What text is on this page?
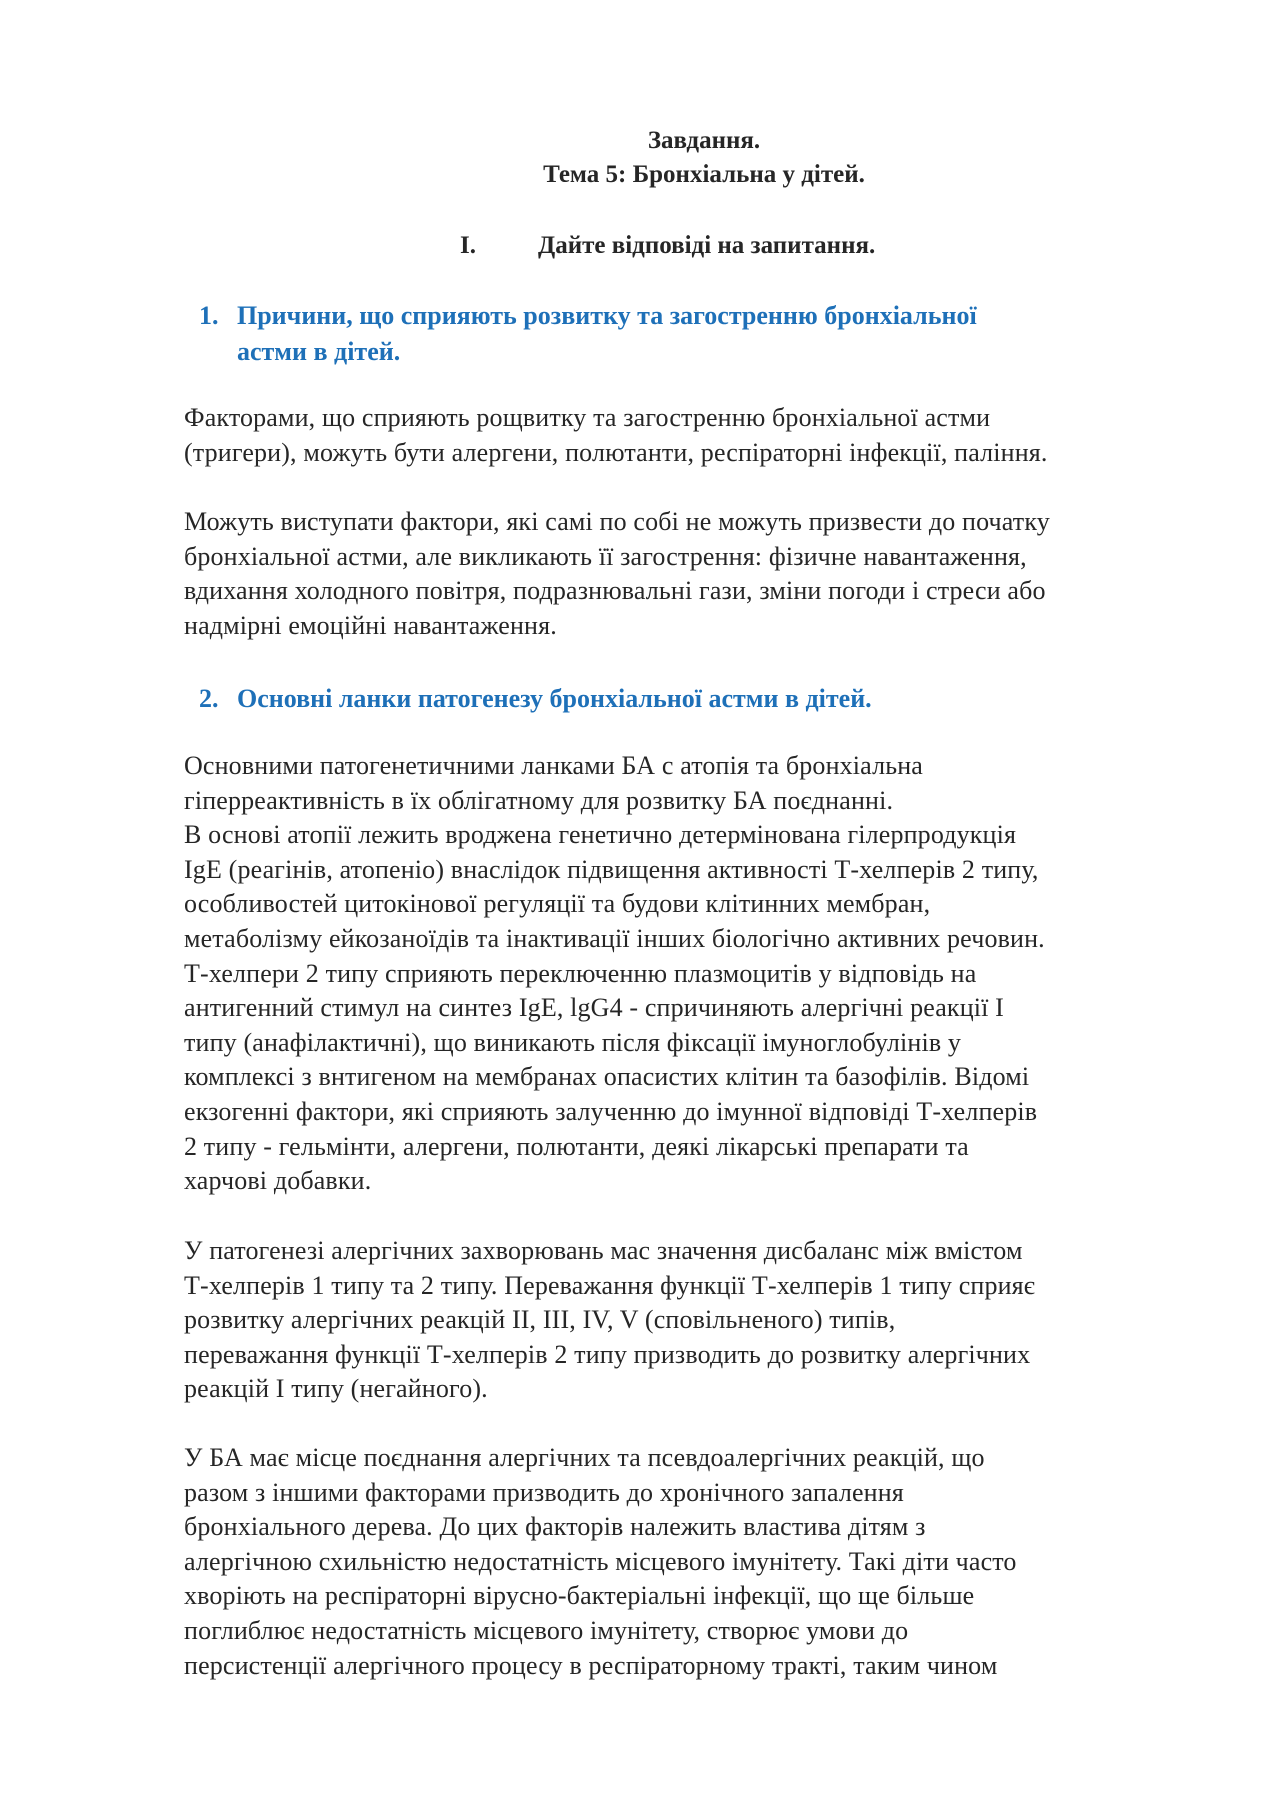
Завдання.
Тема 5: Бронхіальна у дітей.
I. Дайте відповіді на запитання.
1. Причини, що сприяють розвитку та загостренню бронхіальної
астми в дітей.
Факторами, що сприяють рощвитку та загостренню бронхіальної астми
(тригери), можуть бути алергени, полютанти, респіраторні інфекції, паління.
Можуть виступати фактори, які самі по собі не можуть призвести до початку
бронхіальної астми, але викликають її загострення: фізичне навантаження,
вдихання холодного повітря, подразнювальні гази, зміни погоди і стреси або
надмірні емоційні навантаження.
2. Основні ланки патогенезу бронхіальної астми в дітей.
Основними патогенетичними ланками БА с атопія та бронхіальна
гіперреактивність в їх облігатному для розвитку БА поєднанні.
В основі атопії лежить вроджена генетично детермінована гілерпродукція
IgE (реагінів, атопеніо) внаслідок підвищення активності Т-хелперів 2 типу,
особливостей цитокінової регуляції та будови клітинних мембран,
метаболізму ейкозаноїдів та інактивації інших біологічно активних речовин.
Т-хелпери 2 типу сприяють переключенню плазмоцитів у відповідь на
антигенний стимул на синтез IgE, lgG4 - спричиняють алергічні реакції I
типу (анафілактичні), що виникають після фіксації імуноглобулінів у
комплексі з внтигеном на мембранах опасистих клітин та базофілів. Відомі
екзогенні фактори, які сприяють залученню до імунної відповіді Т-хелперів
2 типу - гельмінти, алергени, полютанти, деякі лікарські препарати та
харчові добавки.
У патогенезі алергічних захворювань мас значення дисбаланс між вмістом
Т-хелперів 1 типу та 2 типу. Переважання функції Т-хелперів 1 типу сприяє
розвитку алергічних реакцій II, III, IV, V (сповільненого) типів,
переважання функції Т-хелперів 2 типу призводить до розвитку алергічних
реакцій I типу (негайного).
У БА має місце поєднання алергічних та псевдоалергічних реакцій, що
разом з іншими факторами призводить до хронічного запалення
бронхіального дерева. До цих факторів належить властива дітям з
алергічною схильністю недостатність місцевого імунітету. Такі діти часто
хворіють на респіраторні вірусно-бактеріальні інфекції, що ще більше
поглиблює недостатність місцевого імунітету, створює умови до
персистенції алергічного процесу в респіраторному тракті, таким чином
